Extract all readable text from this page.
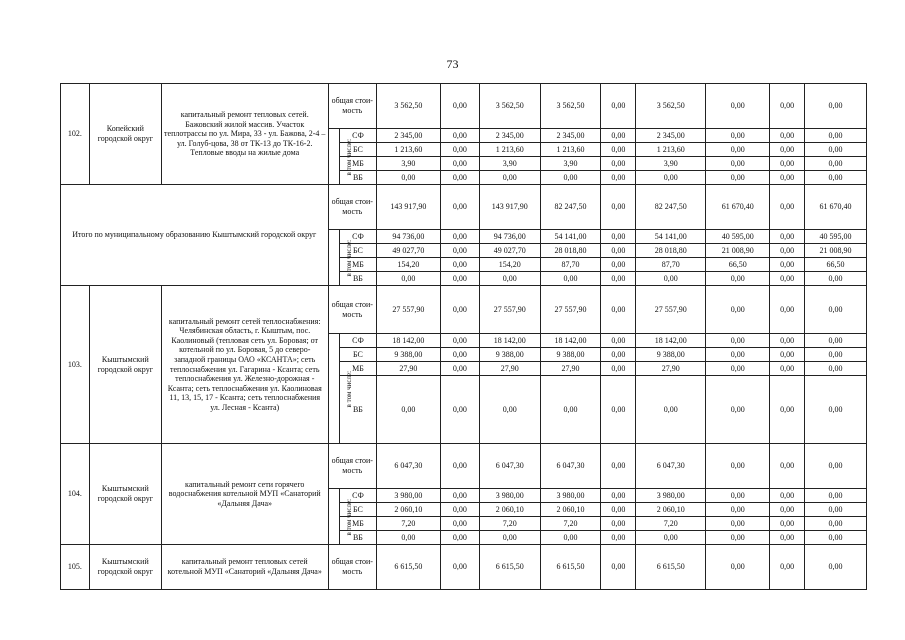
73
102.	Копейский городской округ	капитальный ремонт тепловых сетей. Бажовский жилой массив. Участок теплотрассы по ул. Мира, 33 - ул. Бажова, 2-4 – ул. Голуб-цова, 38 от ТК-13 до ТК-16-2. Тепловые вводы на жилые дома	общая стои-мость		3 562,50	0,00	3 562,50	3 562,50	0,00	3 562,50	0,00	0,00	0,00
			в том числе:	СФ	2 345,00	0,00	2 345,00	2 345,00	0,00	2 345,00	0,00	0,00	0,00
				БС	1 213,60	0,00	1 213,60	1 213,60	0,00	1 213,60	0,00	0,00	0,00
				МБ	3,90	0,00	3,90	3,90	0,00	3,90	0,00	0,00	0,00
				ВБ	0,00	0,00	0,00	0,00	0,00	0,00	0,00	0,00	0,00
Итого по муниципальному образованию Кыштымский городской округ			общая стои-мость		143 917,90	0,00	143 917,90	82 247,50	0,00	82 247,50	61 670,40	0,00	61 670,40
			в том числе:	СФ	94 736,00	0,00	94 736,00	54 141,00	0,00	54 141,00	40 595,00	0,00	40 595,00
				БС	49 027,70	0,00	49 027,70	28 018,80	0,00	28 018,80	21 008,90	0,00	21 008,90
				МБ	154,20	0,00	154,20	87,70	0,00	87,70	66,50	0,00	66,50
				ВБ	0,00	0,00	0,00	0,00	0,00	0,00	0,00	0,00	0,00
103.	Кыштымский городской округ	капитальный ремонт сетей теплоснабжения: Челябинская область, г. Кыштым, пос. Каолиновый (тепловая сеть ул. Боровая; от котельной по ул. Боровая, 5 до северо-западной границы ОАО «КСАНТА»; сеть теплоснабжения ул. Гагарина - Ксанта; сеть теплоснабжения ул. Железно-дорожная - Ксанта; сеть теплоснабжения ул. Каолиновая 11, 13, 15, 17 - Ксанта; сеть теплоснабжения ул. Лесная - Ксанта)	общая стои-мость		27 557,90	0,00	27 557,90	27 557,90	0,00	27 557,90	0,00	0,00	0,00
			в том числе:	СФ	18 142,00	0,00	18 142,00	18 142,00	0,00	18 142,00	0,00	0,00	0,00
				БС	9 388,00	0,00	9 388,00	9 388,00	0,00	9 388,00	0,00	0,00	0,00
				МБ	27,90	0,00	27,90	27,90	0,00	27,90	0,00	0,00	0,00
				ВБ	0,00	0,00	0,00	0,00	0,00	0,00	0,00	0,00	0,00
104.	Кыштымский городской округ	капитальный ремонт сети горячего водоснабжения котельной МУП «Санаторий «Дальняя Дача»	общая стои-мость		6 047,30	0,00	6 047,30	6 047,30	0,00	6 047,30	0,00	0,00	0,00
			в том числе:	СФ	3 980,00	0,00	3 980,00	3 980,00	0,00	3 980,00	0,00	0,00	0,00
				БС	2 060,10	0,00	2 060,10	2 060,10	0,00	2 060,10	0,00	0,00	0,00
				МБ	7,20	0,00	7,20	7,20	0,00	7,20	0,00	0,00	0,00
				ВБ	0,00	0,00	0,00	0,00	0,00	0,00	0,00	0,00	0,00
105.	Кыштымский городской округ	капитальный ремонт тепловых сетей котельной МУП «Санаторий «Дальняя Дача»	общая стои-мость		6 615,50	0,00	6 615,50	6 615,50	0,00	6 615,50	0,00	0,00	0,00
